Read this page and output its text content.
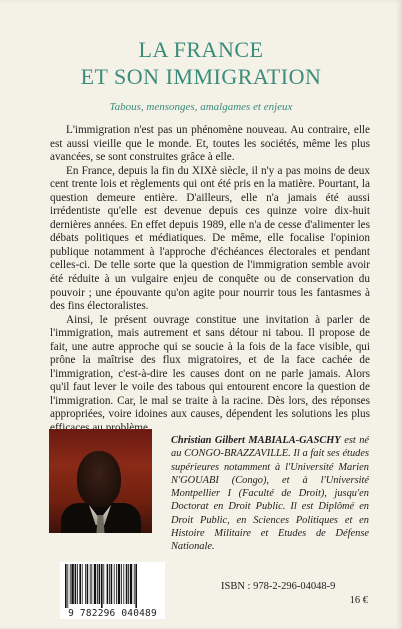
LA FRANCE
ET SON IMMIGRATION
Tabous, mensonges, amalgames et enjeux

L'immigration n'est pas un phénomène nouveau. Au contraire, elle est aussi vieille que le monde. Et, toutes les sociétés, même les plus avancées, se sont construites grâce à elle.

En France, depuis la fin du XIXè siècle, il n'y a pas moins de deux cent trente lois et règlements qui ont été pris en la matière. Pourtant, la question demeure entière. D'ailleurs, elle n'a jamais été aussi irrédentiste qu'elle est devenue depuis ces quinze voire dix-huit dernières années. En effet depuis 1989, elle n'a de cesse d'alimenter les débats politiques et médiatiques. De même, elle focalise l'opinion publique notamment à l'approche d'échéances électorales et pendant celles-ci. De telle sorte que la question de l'immigration semble avoir été réduite à un vulgaire enjeu de conquête ou de conservation du pouvoir ; une épouvante qu'on agite pour nourrir tous les fantasmes à des fins électoralistes.

Ainsi, le présent ouvrage constitue une invitation à parler de l'immigration, mais autrement et sans détour ni tabou. Il propose de fait, une autre approche qui se soucie à la fois de la face visible, qui prône la maîtrise des flux migratoires, et de la face cachée de l'immigration, c'est-à-dire les causes dont on ne parle jamais. Alors qu'il faut lever le voile des tabous qui entourent encore la question de l'immigration. Car, le mal se traite à la racine. Dès lors, des réponses appropriées, voire idoines aux causes, dépendent les solutions les plus

Christian Gilbert MABIALA-GASCHY est né au CONGO-BRAZZAVILLE. Il a fait ses études supérieures notamment à l'Université Marien N'GOUABI (Congo), et à l'Université Montpellier I (Faculté de Droit), jusqu'en Doctorat en Droit Public. Il est Diplômé en Droit Public, en Sciences Politiques et en Histoire Militaire et Etudes de Défense Nationale.
9 782296 040489
ISBN : 978-2-296-04048-9
16 €
